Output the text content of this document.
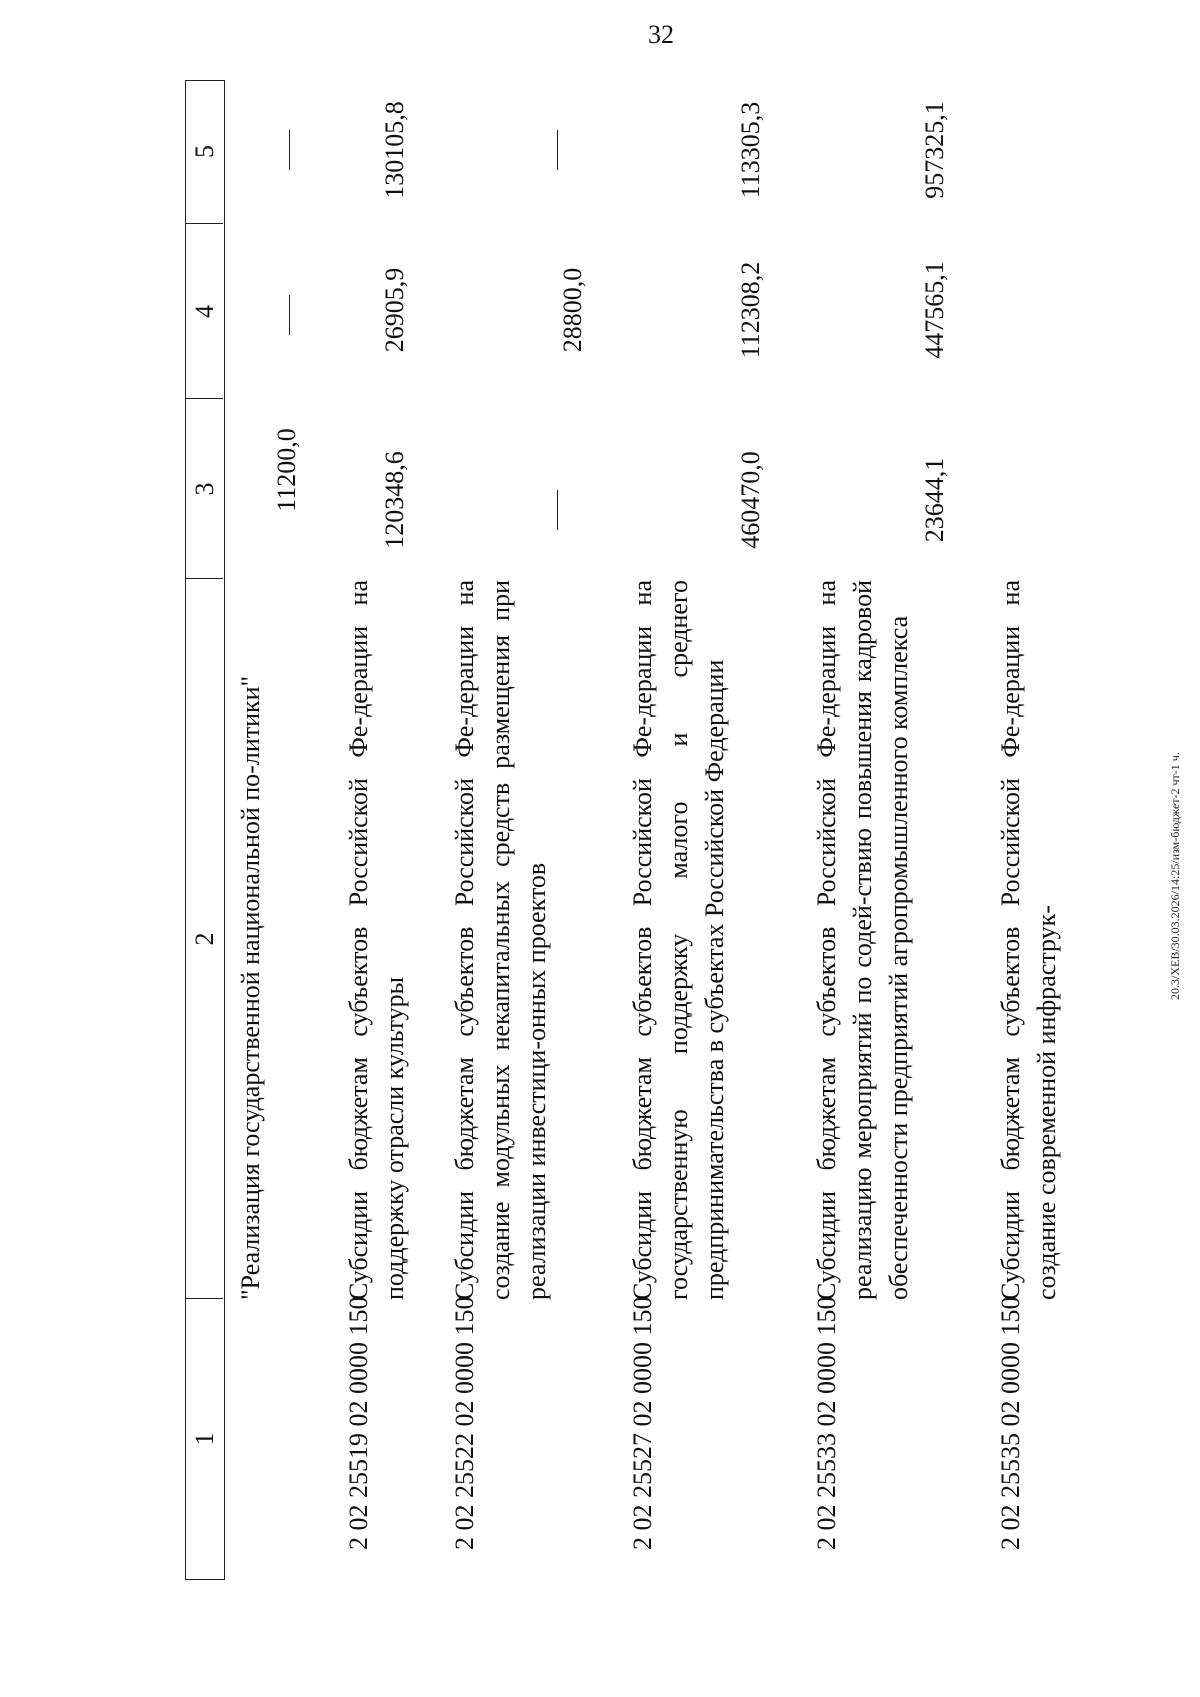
32
1
2
3
4
5
"Реализация государственной национальной по-литики"
11200,0
2 02 25519 02 0000 150
Субсидии бюджетам субъектов Российской Фе-дерации на поддержку отрасли культуры
120348,6
26905,9
130105,8
2 02 25522 02 0000 150
Субсидии бюджетам субъектов Российской Фе-дерации на создание модульных некапитальных средств размещения при реализации инвестици-онных проектов
28800,0
2 02 25527 02 0000 150
Субсидии бюджетам субъектов Российской Фе-дерации на государственную поддержку малого и среднего предпринимательства в субъектах Российской Федерации
460470,0
112308,2
113305,3
2 02 25533 02 0000 150
Субсидии бюджетам субъектов Российской Фе-дерации на реализацию мероприятий по содей-ствию повышения кадровой обеспеченности предприятий агропромышленного комплекса
23644,1
447565,1
957325,1
2 02 25535 02 0000 150
Субсидии бюджетам субъектов Российской Фе-дерации на создание современной инфраструк-
20.3/XEB/30.03.2026/14:25/изм-бюджет-2 чт-1 ч.
